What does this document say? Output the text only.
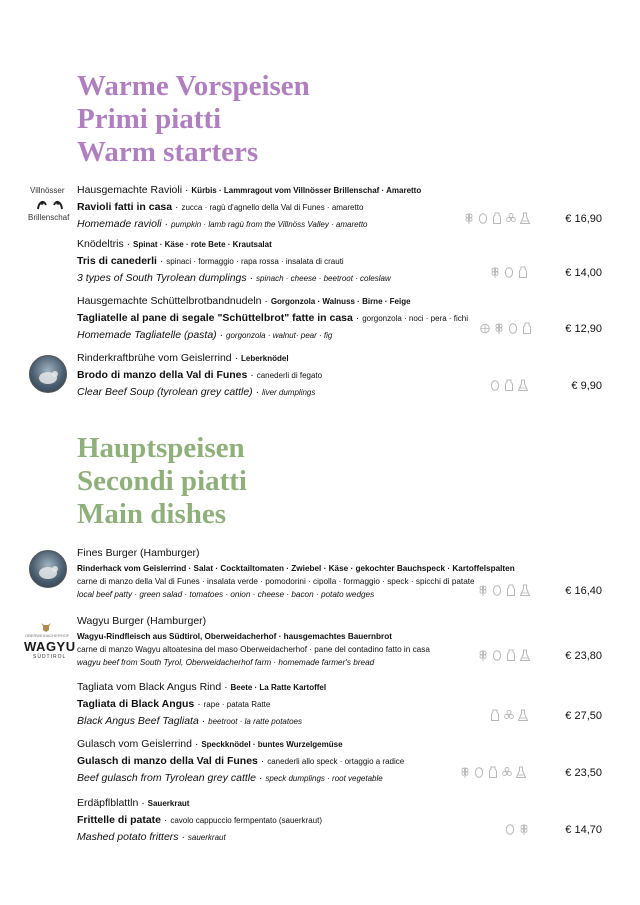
Warme Vorspeisen
Primi piatti
Warm starters
Villnösser
Brillenschaf
Hausgemachte Ravioli · Kürbis · Lammragout vom Villnösser Brillenschaf · Amaretto
Ravioli fatti in casa · zucca · ragù d'agnello della Val di Funes · amaretto
Homemade ravioli · pumpkin · lamb ragù from the Villnöss Valley · amaretto	€ 16,90
Knödeltris · Spinat · Käse · rote Bete · Krautsalat
Tris di canederli · spinaci · formaggio · rapa rossa · insalata di crauti
3 types of South Tyrolean dumplings · spinach · cheese · beetroot · coleslaw	€ 14,00
Hausgemachte Schüttelbrotbandnudeln · Gorgonzola · Walnuss · Birne · Feige
Tagliatelle al pane di segale "Schüttelbrot" fatte in casa · gorgonzola · noci · pera · fichi
Homemade Tagliatelle (pasta) · gorgonzola · walnut· pear · fig
€ 12,90
Rinderkraftbrühe vom Geislerrind · Leberknödel
Brodo di manzo della Val di Funes · canederli di fegato
Clear Beef Soup (tyrolean grey cattle) · liver dumplings
€ 9,90
Hauptspeisen
Secondi piatti
Main dishes
Fines Burger (Hamburger)
Rinderhack vom Geislerrind · Salat · Cocktailtomaten · Zwiebel · Käse · gekochter Bauchspeck · Kartoffelspalten
carne di manzo della Val di Funes · insalata verde · pomodorini · cipolla · formaggio · speck · spicchi di patate
local beef patty · green salad · tomatoes · onion · cheese · bacon · potato wedges	€ 16,40
OBERWEIDACHERHOF
WAGYU
SÜDTIROL
Wagyu Burger (Hamburger)
Wagyu-Rindfleisch aus Südtirol, Oberweidacherhof · hausgemachtes Bauernbrot
carne di manzo Wagyu altoatesina del maso Oberweidacherhof · pane del contadino fatto in casa
wagyu beef from South Tyrol, Oberweidacherhof farm · homemade farmer's bread
€ 23,80
Tagliata vom Black Angus Rind · Beete · La Ratte Kartoffel
Tagliata di Black Angus · rape · patata Ratte
Black Angus Beef Tagliata · beetroot · la ratte potatoes	€ 27,50
Gulasch vom Geislerrind · Speckknödel · buntes Wurzelgemüse
Gulasch di manzo della Val di Funes · canederli allo speck · ortaggio a radice
Beef gulasch from Tyrolean grey cattle · speck dumplings · root vegetable	€ 23,50
Erdäpflblattln · Sauerkraut
Frittelle di patate · cavolo cappuccio fermpentato (sauerkraut)
Mashed potato fritters · sauerkraut
€ 14,70
